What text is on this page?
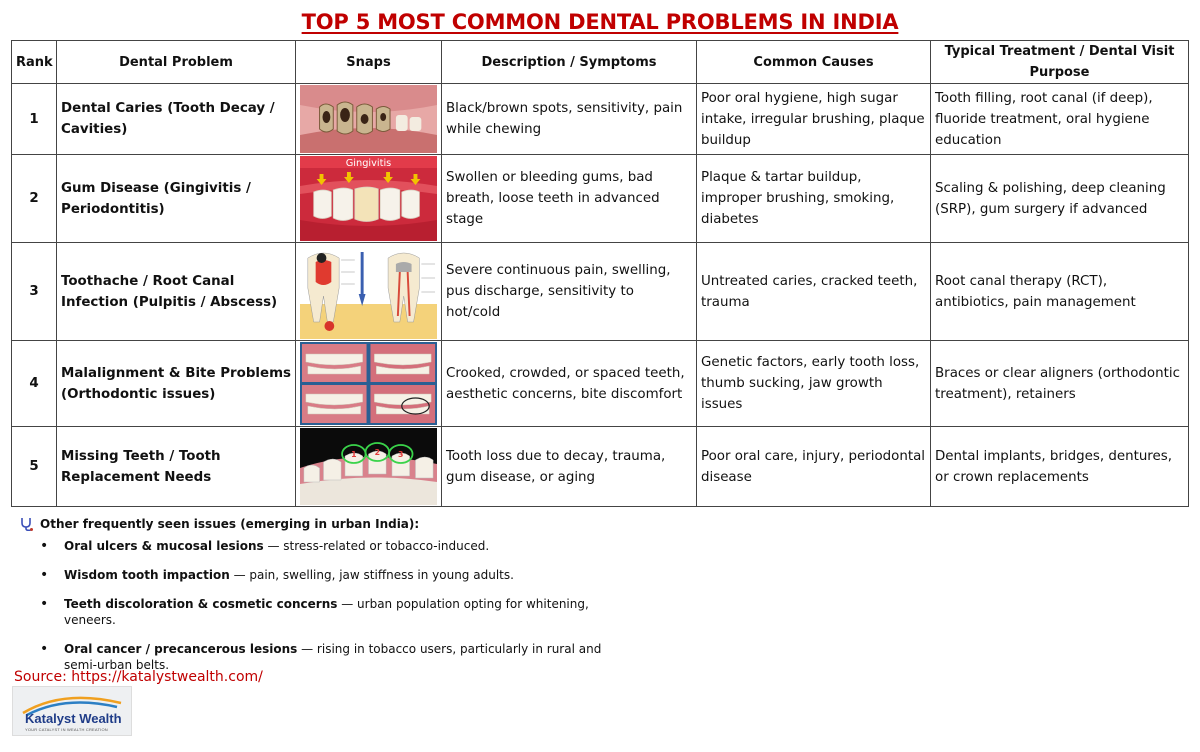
TOP 5 MOST COMMON DENTAL PROBLEMS IN INDIA
Rank	Dental Problem	Snaps	Description / Symptoms	Common Causes	Typical Treatment / Dental Visit Purpose
1	Dental Caries (Tooth Decay / Cavities)		Black/brown spots, sensitivity, pain while chewing	Poor oral hygiene, high sugar intake, irregular brushing, plaque buildup	Tooth filling, root canal (if deep), fluoride treatment, oral hygiene education
2	Gum Disease (Gingivitis / Periodontitis)	Gingivitis	Swollen or bleeding gums, bad breath, loose teeth in advanced stage	Plaque & tartar buildup, improper brushing, smoking, diabetes	Scaling & polishing, deep cleaning (SRP), gum surgery if advanced
3	Toothache / Root Canal Infection (Pulpitis / Abscess)		Severe continuous pain, swelling, pus discharge, sensitivity to hot/cold	Untreated caries, cracked teeth, trauma	Root canal therapy (RCT), antibiotics, pain management
4	Malalignment & Bite Problems (Orthodontic issues)		Crooked, crowded, or spaced teeth, aesthetic concerns, bite discomfort	Genetic factors, early tooth loss, thumb sucking, jaw growth issues	Braces or clear aligners (orthodontic treatment), retainers
5	Missing Teeth / Tooth Replacement Needs	1 2 3	Tooth loss due to decay, trauma, gum disease, or aging	Poor oral care, injury, periodontal disease	Dental implants, bridges, dentures, or crown replacements
Other frequently seen issues (emerging in urban India):
• Oral ulcers & mucosal lesions — stress-related or tobacco-induced.
• Wisdom tooth impaction — pain, swelling, jaw stiffness in young adults.
• Teeth discoloration & cosmetic concerns — urban population opting for whitening, veneers.
• Oral cancer / precancerous lesions — rising in tobacco users, particularly in rural and semi-urban belts.
Source: https://katalystwealth.com/
Katalyst Wealth
YOUR CATALYST IN WEALTH CREATION
